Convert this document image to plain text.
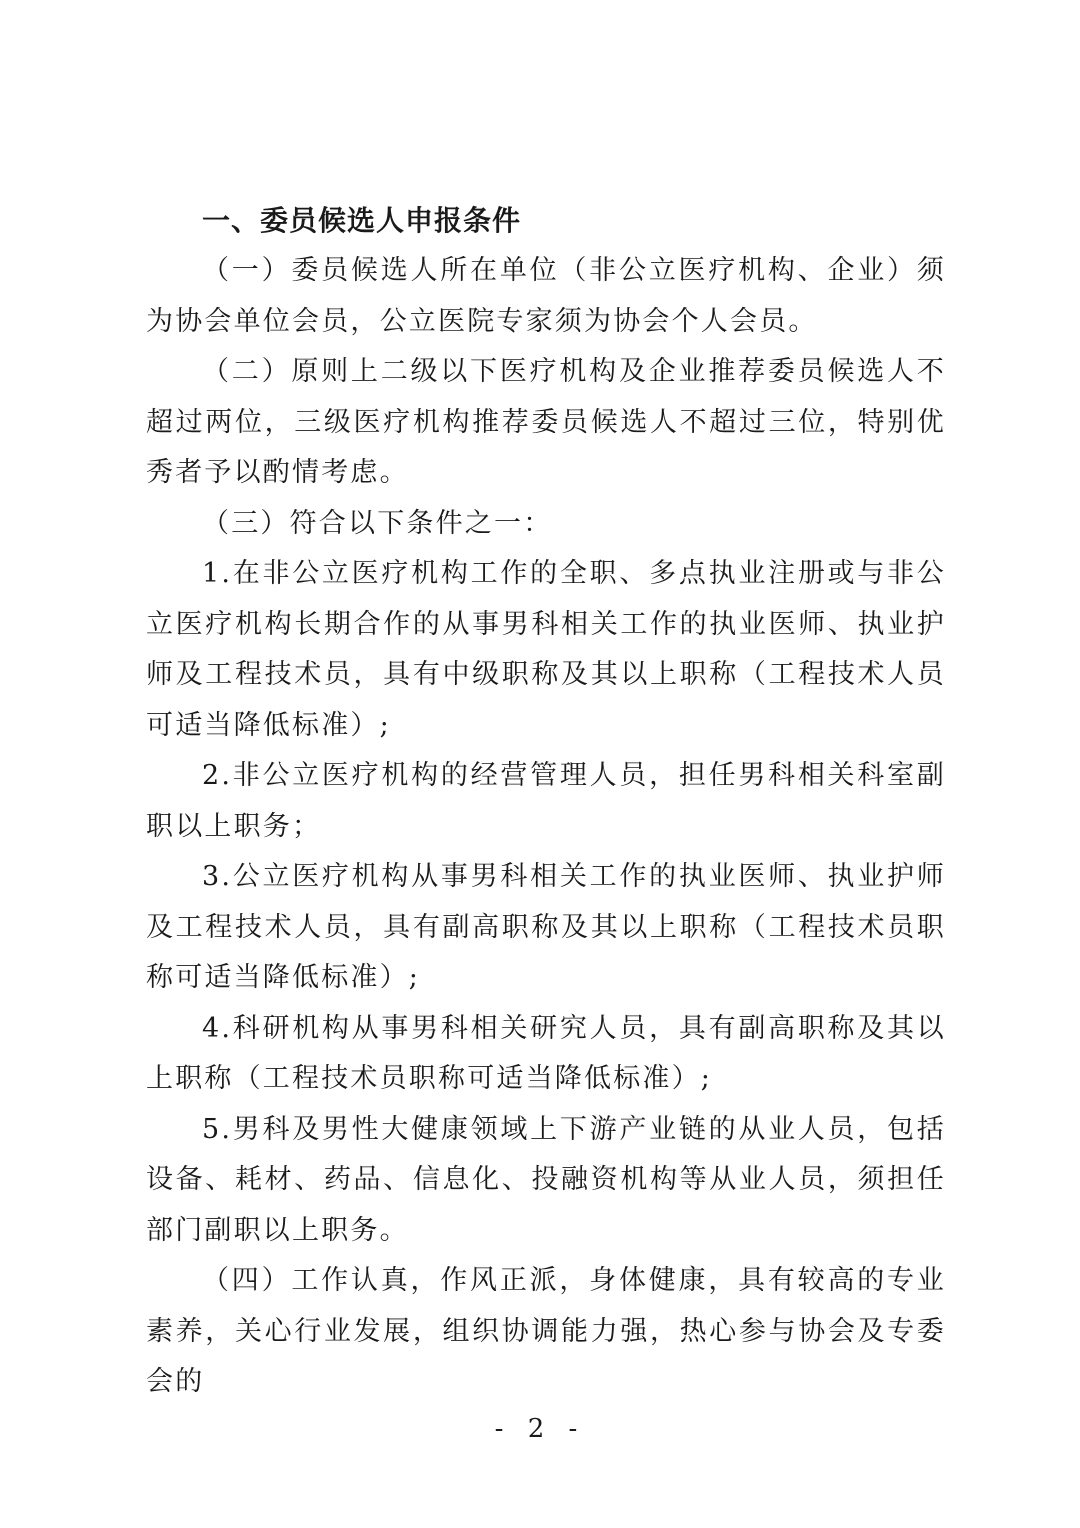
一、委员候选人申报条件

（一）委员候选人所在单位（非公立医疗机构、企业）须为协会单位会员，公立医院专家须为协会个人会员。

（二）原则上二级以下医疗机构及企业推荐委员候选人不超过两位，三级医疗机构推荐委员候选人不超过三位，特别优秀者予以酌情考虑。

（三）符合以下条件之一：

1.在非公立医疗机构工作的全职、多点执业注册或与非公立医疗机构长期合作的从事男科相关工作的执业医师、执业护师及工程技术员，具有中级职称及其以上职称（工程技术人员可适当降低标准）;

2.非公立医疗机构的经营管理人员，担任男科相关科室副职以上职务；

3.公立医疗机构从事男科相关工作的执业医师、执业护师及工程技术人员，具有副高职称及其以上职称（工程技术员职称可适当降低标准）;

4.科研机构从事男科相关研究人员，具有副高职称及其以上职称（工程技术员职称可适当降低标准）;

5.男科及男性大健康领域上下游产业链的从业人员，包括设备、耗材、药品、信息化、投融资机构等从业人员，须担任部门副职以上职务。

（四）工作认真，作风正派，身体健康，具有较高的专业素养，关心行业发展，组织协调能力强，热心参与协会及专委会的

- 2 -
